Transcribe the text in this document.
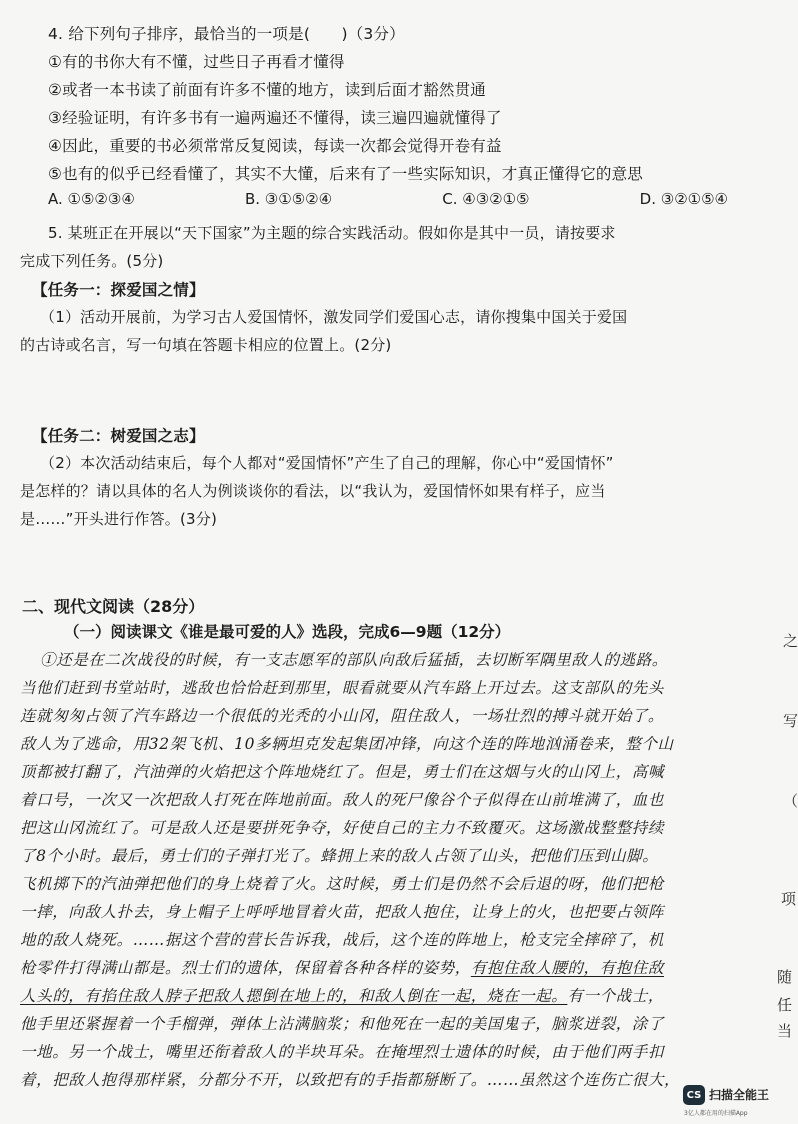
4. 给下列句子排序，最恰当的一项是(　　)（3分）
①有的书你大有不懂，过些日子再看才懂得
②或者一本书读了前面有许多不懂的地方，读到后面才豁然贯通
③经验证明，有许多书有一遍两遍还不懂得，读三遍四遍就懂得了
④因此，重要的书必须常常反复阅读，每读一次都会觉得开卷有益
⑤也有的似乎已经看懂了，其实不大懂，后来有了一些实际知识，才真正懂得它的意思
A. ①⑤②③④	B. ③①⑤②④	C. ④③②①⑤	D. ③②①⑤④
5. 某班正在开展以“天下国家”为主题的综合实践活动。假如你是其中一员，请按要求
完成下列任务。(5分)
【任务一：探爱国之情】
（1）活动开展前，为学习古人爱国情怀，激发同学们爱国心志，请你搜集中国关于爱国
的古诗或名言，写一句填在答题卡相应的位置上。(2分)
【任务二：树爱国之志】
（2）本次活动结束后，每个人都对“爱国情怀”产生了自己的理解，你心中“爱国情怀”
是怎样的？请以具体的名人为例谈谈你的看法，以“我认为，爱国情怀如果有样子，应当
是……”开头进行作答。(3分)
二、现代文阅读（28分）
（一）阅读课文《谁是最可爱的人》选段，完成6—9题（12分）
①还是在二次战役的时候，有一支志愿军的部队向敌后猛插，去切断军隅里敌人的逃路。
当他们赶到书堂站时，逃敌也恰恰赶到那里，眼看就要从汽车路上开过去。这支部队的先头
连就匆匆占领了汽车路边一个很低的光秃的小山冈，阻住敌人，一场壮烈的搏斗就开始了。
敌人为了逃命，用32架飞机、10多辆坦克发起集团冲锋，向这个连的阵地汹涌卷来，整个山
顶都被打翻了，汽油弹的火焰把这个阵地烧红了。但是，勇士们在这烟与火的山冈上，高喊
着口号，一次又一次把敌人打死在阵地前面。敌人的死尸像谷个子似得在山前堆满了，血也
把这山冈流红了。可是敌人还是要拼死争夺，好使自己的主力不致覆灭。这场激战整整持续
了8个小时。最后，勇士们的子弹打光了。蜂拥上来的敌人占领了山头，把他们压到山脚。
飞机掷下的汽油弹把他们的身上烧着了火。这时候，勇士们是仍然不会后退的呀，他们把枪
一摔，向敌人扑去，身上帽子上呼呼地冒着火苗，把敌人抱住，让身上的火，也把要占领阵
地的敌人烧死。……据这个营的营长告诉我，战后，这个连的阵地上，枪支完全摔碎了，机
枪零件打得满山都是。烈士们的遗体，保留着各种各样的姿势，有抱住敌人腰的，有抱住敌
人头的，有掐住敌人脖子把敌人摁倒在地上的，和敌人倒在一起，烧在一起。有一个战士，
他手里还紧握着一个手榴弹，弹体上沾满脑浆；和他死在一起的美国鬼子，脑浆迸裂，涂了
一地。另一个战士，嘴里还衔着敌人的半块耳朵。在掩埋烈士遗体的时候，由于他们两手扣
着，把敌人抱得那样紧，分都分不开，以致把有的手指都掰断了。……虽然这个连伤亡很大，
之
写
（
项
随
任
当
CS 扫描全能王
3亿人都在用的扫描App
